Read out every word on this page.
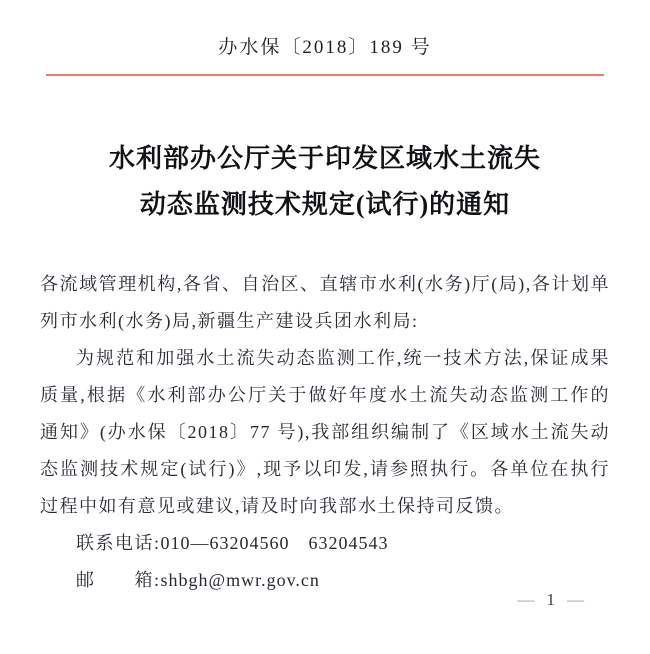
办水保〔2018〕189 号
水利部办公厅关于印发区域水土流失
动态监测技术规定(试行)的通知

各流域管理机构,各省、自治区、直辖市水利(水务)厅(局),各计划单列市水利(水务)局,新疆生产建设兵团水利局:

为规范和加强水土流失动态监测工作,统一技术方法,保证成果质量,根据《水利部办公厅关于做好年度水土流失动态监测工作的通知》(办水保〔2018〕77 号),我部组织编制了《区域水土流失动态监测技术规定(试行)》,现予以印发,请参照执行。各单位在执行过程中如有意见或建议,请及时向我部水土保持司反馈。

联系电话:010—63204560　63204543

邮　　箱:shbgh@mwr.gov.cn

— 1 —
